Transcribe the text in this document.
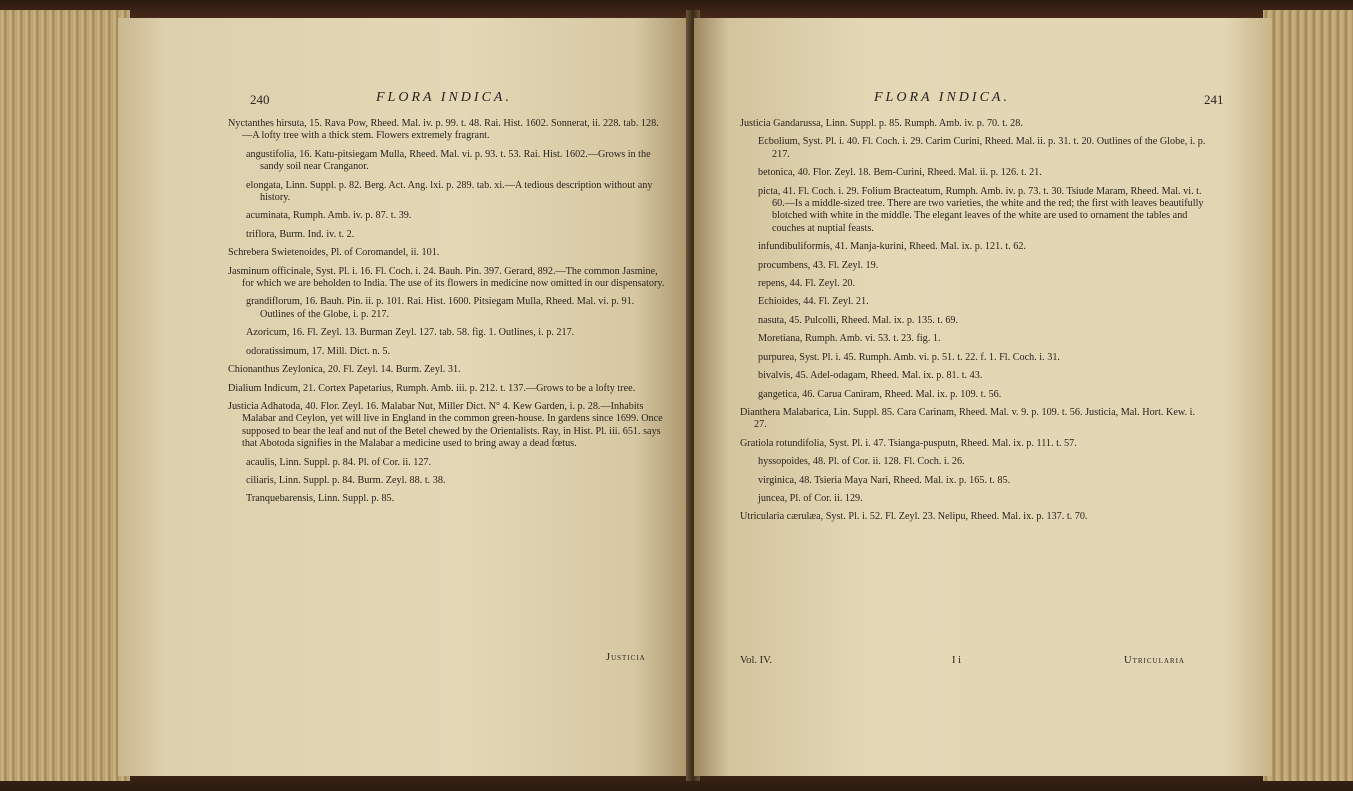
240	FLORA INDICA.

Nyctanthes hirsuta, 15. Rava Pow, Rheed. Mal. iv. p. 99. t. 48. Rai. Hist. 1602. Sonnerat, ii. 228. tab. 128.—A lofty tree with a thick stem. Flowers extremely fragrant.

angustifolia, 16. Katu-pitsiegam Mulla, Rheed. Mal. vi. p. 93. t. 53. Rai. Hist. 1602.—Grows in the sandy soil near Cranganor.

elongata, Linn. Suppl. p. 82. Berg. Act. Ang. lxi. p. 289. tab. xi.—A tedious description without any history.

acuminata, Rumph. Amb. iv. p. 87. t. 39.

triflora, Burm. Ind. iv. t. 2.

Schrebera Swietenoides, Pl. of Coromandel, ii. 101.

Jasminum officinale, Syst. Pl. i. 16. Fl. Coch. i. 24. Bauh. Pin. 397. Gerard, 892.—The common Jasmine, for which we are beholden to India. The use of its flowers in medicine now omitted in our dispensatory.

grandiflorum, 16. Bauh. Pin. ii. p. 101. Rai. Hist. 1600. Pitsiegam Mulla, Rheed. Mal. vi. p. 91. Outlines of the Globe, i. p. 217.

Azoricum, 16. Fl. Zeyl. 13. Burman Zeyl. 127. tab. 58. fig. 1. Outlines, i. p. 217.

odoratissimum, 17. Mill. Dict. n. 5.

Chionanthus Zeylonica, 20. Fl. Zeyl. 14. Burm. Zeyl. 31.

Dialium Indicum, 21. Cortex Papetarius, Rumph. Amb. iii. p. 212. t. 137.—Grows to be a lofty tree.

Justicia Adhatoda, 40. Flor. Zeyl. 16. Malabar Nut, Miller Dict. N° 4. Kew Garden, i. p. 28.—Inhabits Malabar and Ceylon, yet will live in England in the common green-house. In gardens since 1699. Once supposed to bear the leaf and nut of the Betel chewed by the Orientalists. Ray, in Hist. Pl. iii. 651. says that Abotoda signifies in the Malabar a medicine used to bring away a dead fœtus.

acaulis, Linn. Suppl. p. 84. Pl. of Cor. ii. 127.

ciliaris, Linn. Suppl. p. 84. Burm. Zeyl. 88. t. 38.

Tranquebarensis, Linn. Suppl. p. 85.

Justicia
FLORA INDICA.	241

Justicia Gandarussa, Linn. Suppl. p. 85. Rumph. Amb. iv. p. 70. t. 28.

Ecbolium, Syst. Pl. i. 40. Fl. Coch. i. 29. Carim Curini, Rheed. Mal. ii. p. 31. t. 20. Outlines of the Globe, i. p. 217.

betonica, 40. Flor. Zeyl. 18. Bem-Curini, Rheed. Mal. ii. p. 126. t. 21.

picta, 41. Fl. Coch. i. 29. Folium Bracteatum, Rumph. Amb. iv. p. 73. t. 30. Tsiude Maram, Rheed. Mal. vi. t. 60.—Is a middle-sized tree. There are two varieties, the white and the red; the first with leaves beautifully blotched with white in the middle. The elegant leaves of the white are used to ornament the tables and couches at nuptial feasts.

infundibuliformis, 41. Manja-kurini, Rheed. Mal. ix. p. 121. t. 62.

procumbens, 43. Fl. Zeyl. 19.

repens, 44. Fl. Zeyl. 20.

Echioides, 44. Fl. Zeyl. 21.

nasuta, 45. Pulcolli, Rheed. Mal. ix. p. 135. t. 69.

Moretiana, Rumph. Amb. vi. 53. t. 23. fig. 1.

purpurea, Syst. Pl. i. 45. Rumph. Amb. vi. p. 51. t. 22. f. 1. Fl. Coch. i. 31.

bivalvis, 45. Adel-odagam, Rheed. Mal. ix. p. 81. t. 43.

gangetica, 46. Carua Caniram, Rheed. Mal. ix. p. 109. t. 56.

Dianthera Malabarica, Lin. Suppl. 85. Cara Carinam, Rheed. Mal. v. 9. p. 109. t. 56. Justicia, Mal. Hort. Kew. i. 27.

Gratiola rotundifolia, Syst. Pl. i. 47. Tsianga-pusputn, Rheed. Mal. ix. p. 111. t. 57.

hyssopoides, 48. Pl. of Cor. ii. 128. Fl. Coch. i. 26.

virginica, 48. Tsieria Maya Nari, Rheed. Mal. ix. p. 165. t. 85.

juncea, Pl. of Cor. ii. 129.

Utricularia cærulæa, Syst. Pl. i. 52. Fl. Zeyl. 23. Nelipu, Rheed. Mal. ix. p. 137. t. 70.

Vol. IV.	I i	Utricularia
